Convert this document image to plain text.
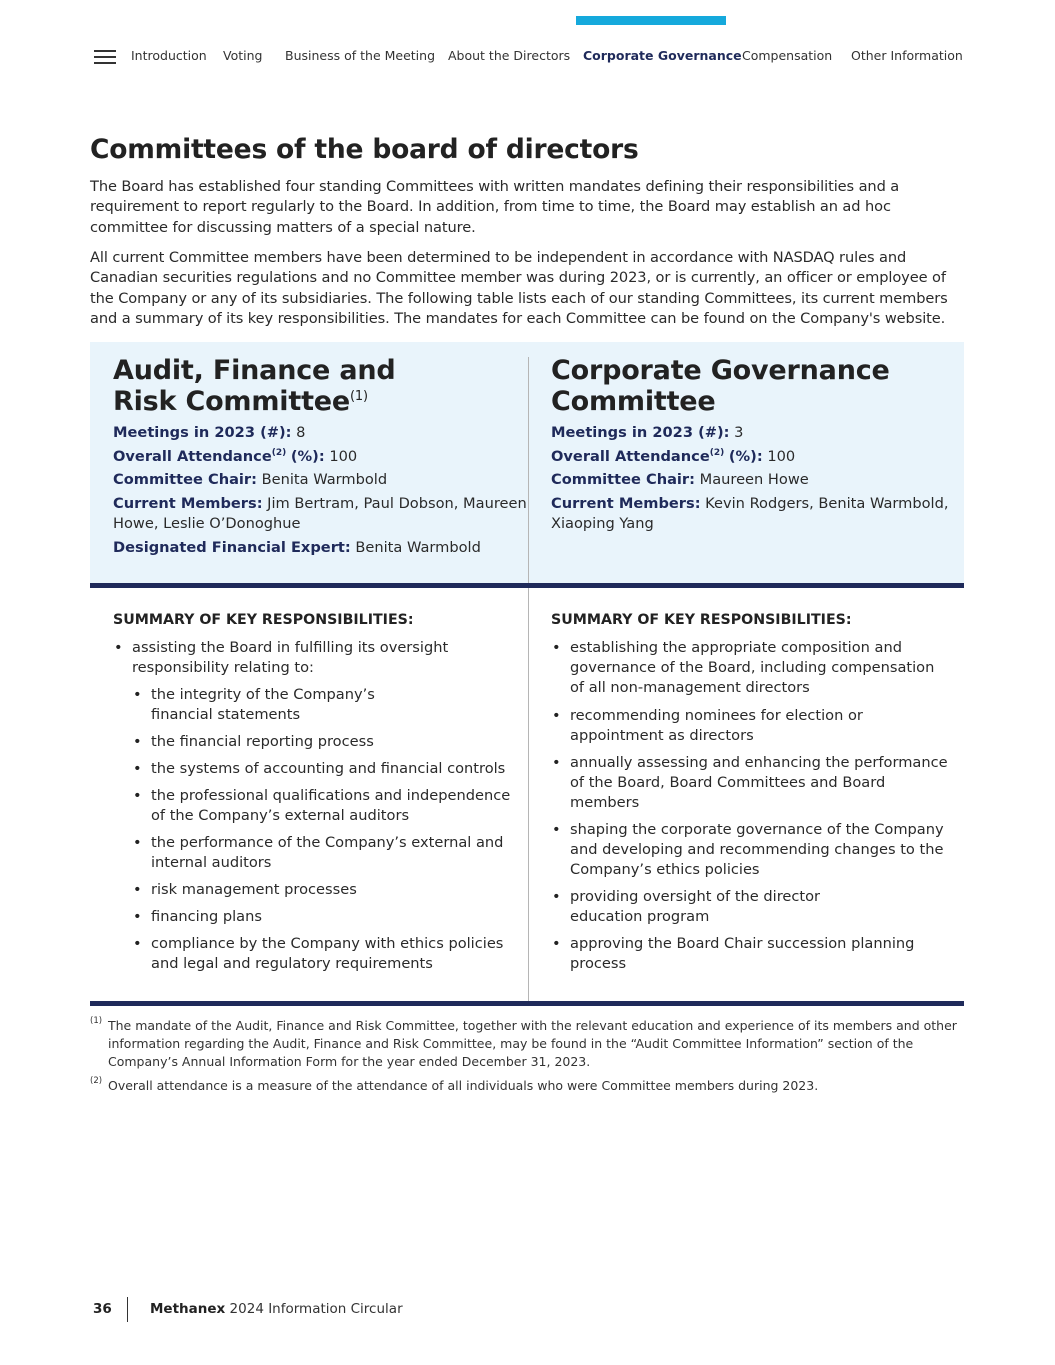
Introduction Voting Business of the Meeting About the Directors Corporate Governance Compensation Other Information
Committees of the board of directors

The Board has established four standing Committees with written mandates defining their responsibilities and a requirement to report regularly to the Board. In addition, from time to time, the Board may establish an ad hoc committee for discussing matters of a special nature.

All current Committee members have been determined to be independent in accordance with NASDAQ rules and Canadian securities regulations and no Committee member was during 2023, or is currently, an officer or employee of the Company or any of its subsidiaries. The following table lists each of our standing Committees, its current members and a summary of its key responsibilities. The mandates for each Committee can be found on the Company's website.

Audit, Finance and
Risk Committee$^{(1)}$
Meetings in 2023 (#): 8
Overall Attendance$^{(2)}$ (%): 100
Committee Chair: Benita Warmbold
Current Members: Jim Bertram, Paul Dobson, Maureen Howe, Leslie O’Donoghue
Designated Financial Expert: Benita Warmbold
SUMMARY OF KEY RESPONSIBILITIES:
• assisting the Board in fulfilling its oversight responsibility relating to:
• the integrity of the Company’s financial statements
• the financial reporting process
• the systems of accounting and financial controls
• the professional qualifications and independence of the Company’s external auditors
• the performance of the Company’s external and internal auditors
• risk management processes
• financing plans
• compliance by the Company with ethics policies and legal and regulatory requirements
Corporate Governance
Committee
Meetings in 2023 (#): 3
Overall Attendance$^{(2)}$ (%): 100
Committee Chair: Maureen Howe
Current Members: Kevin Rodgers, Benita Warmbold, Xiaoping Yang
SUMMARY OF KEY RESPONSIBILITIES:
• establishing the appropriate composition and governance of the Board, including compensation of all non-management directors
• recommending nominees for election or appointment as directors
• annually assessing and enhancing the performance of the Board, Board Committees and Board members
• shaping the corporate governance of the Company and developing and recommending changes to the Company’s ethics policies
• providing oversight of the director education program
• approving the Board Chair succession planning process
(1) The mandate of the Audit, Finance and Risk Committee, together with the relevant education and experience of its members and other information regarding the Audit, Finance and Risk Committee, may be found in the “Audit Committee Information” section of the Company’s Annual Information Form for the year ended December 31, 2023.

(2) Overall attendance is a measure of the attendance of all individuals who were Committee members during 2023.

36	Methanex 2024 Information Circular
